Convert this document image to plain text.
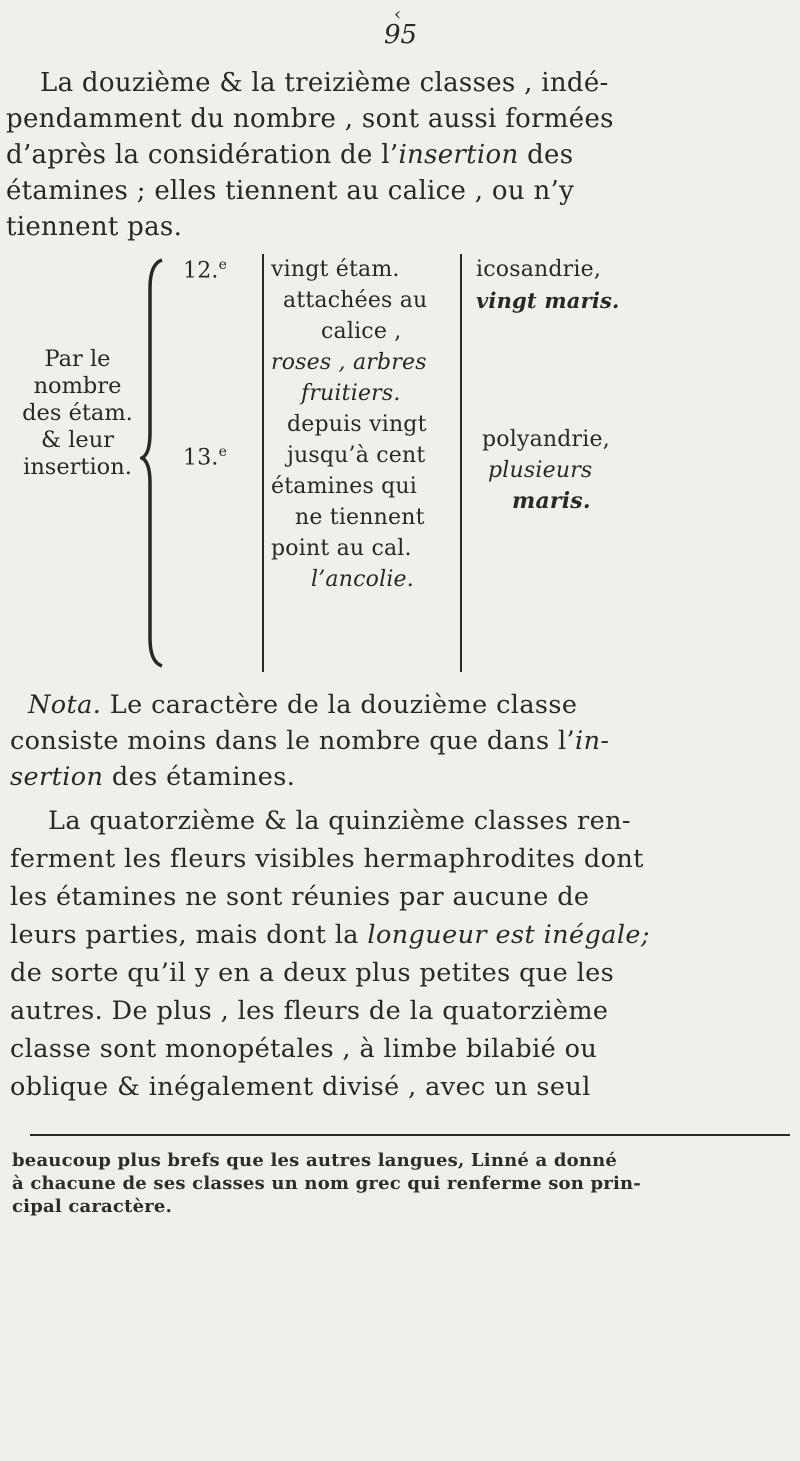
‹
95
La douzième & la treizième classes , indé-
pendamment du nombre , sont aussi formées
d’après la considération de l’insertion des
étamines ; elles tiennent au calice , ou n’y
tiennent pas.
Par le
nombre
des étam.
& leur
insertion.
12.$^e$
13.$^e$
vingt étam.
attachées au
calice ,
roses , arbres
fruitiers.
depuis vingt
jusqu’à cent
étamines qui
ne tiennent
point au cal.
l’ancolie.
icosandrie,
vingt maris.
polyandrie,
plusieurs
maris.
Nota. Le caractère de la douzième classe
consiste moins dans le nombre que dans l’in-
sertion des étamines.
La quatorzième & la quinzième classes ren-
ferment les fleurs visibles hermaphrodites dont
les étamines ne sont réunies par aucune de
leurs parties, mais dont la longueur est inégale;
de sorte qu’il y en a deux plus petites que les
autres. De plus , les fleurs de la quatorzième
classe sont monopétales , à limbe bilabié ou
oblique & inégalement divisé , avec un seul
beaucoup plus brefs que les autres langues, Linné a donné
à chacune de ses classes un nom grec qui renferme son prin-
cipal caractère.
